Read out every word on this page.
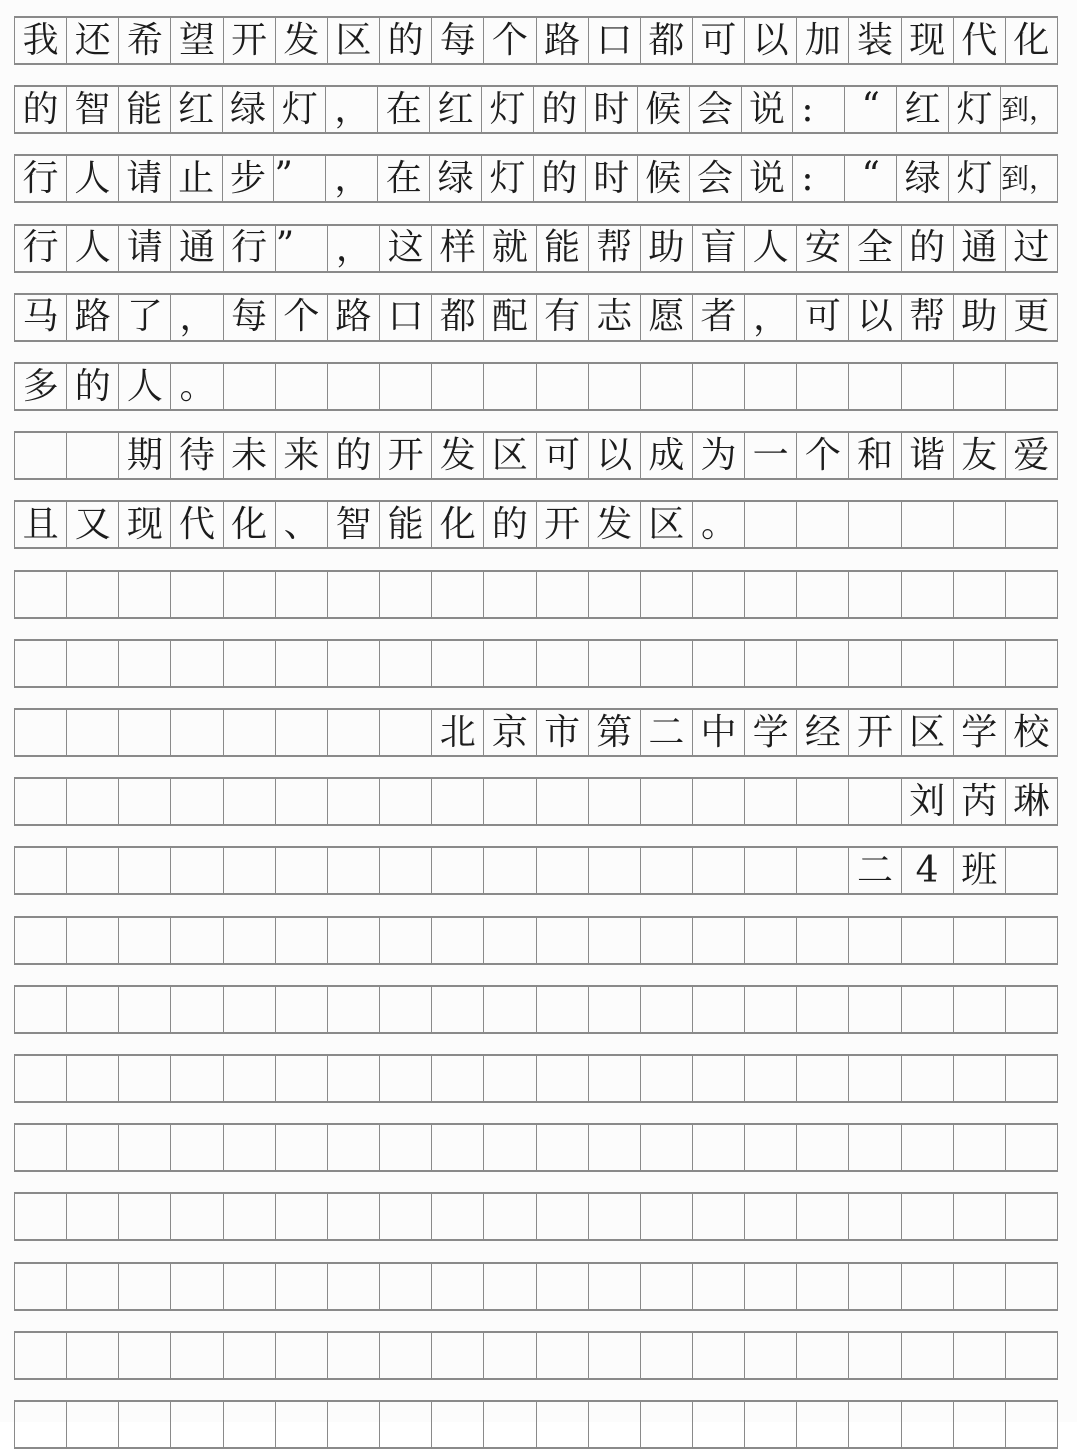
我 还 希 望 开 发 区 的 每 个 路 口 都 可 以 加 装 现 代 化
的 智 能 红 绿 灯 ， 在 红 灯 的 时 候 会 说 :	“ 红 灯 到，
行 人 请 止 步 ”	， 在 绿 灯 的 时 候 会 说 :	“ 绿 灯 到，
行 人 请 通 行 ”	， 这 样 就 能 帮 助 盲 人 安 全 的 通 过
马 路 了 ， 每 个 路 口 都 配 有 志 愿 者 ， 可 以 帮 助 更
多 的 人 。
期 待 未 来 的 开 发 区 可 以 成 为 一 个 和 谐 友 爱
且 又 现 代 化 、 智 能 化 的 开 发 区 。
北 京 市 第 二 中 学 经 开 区 学 校
刘 芮 琳
二 4 班
